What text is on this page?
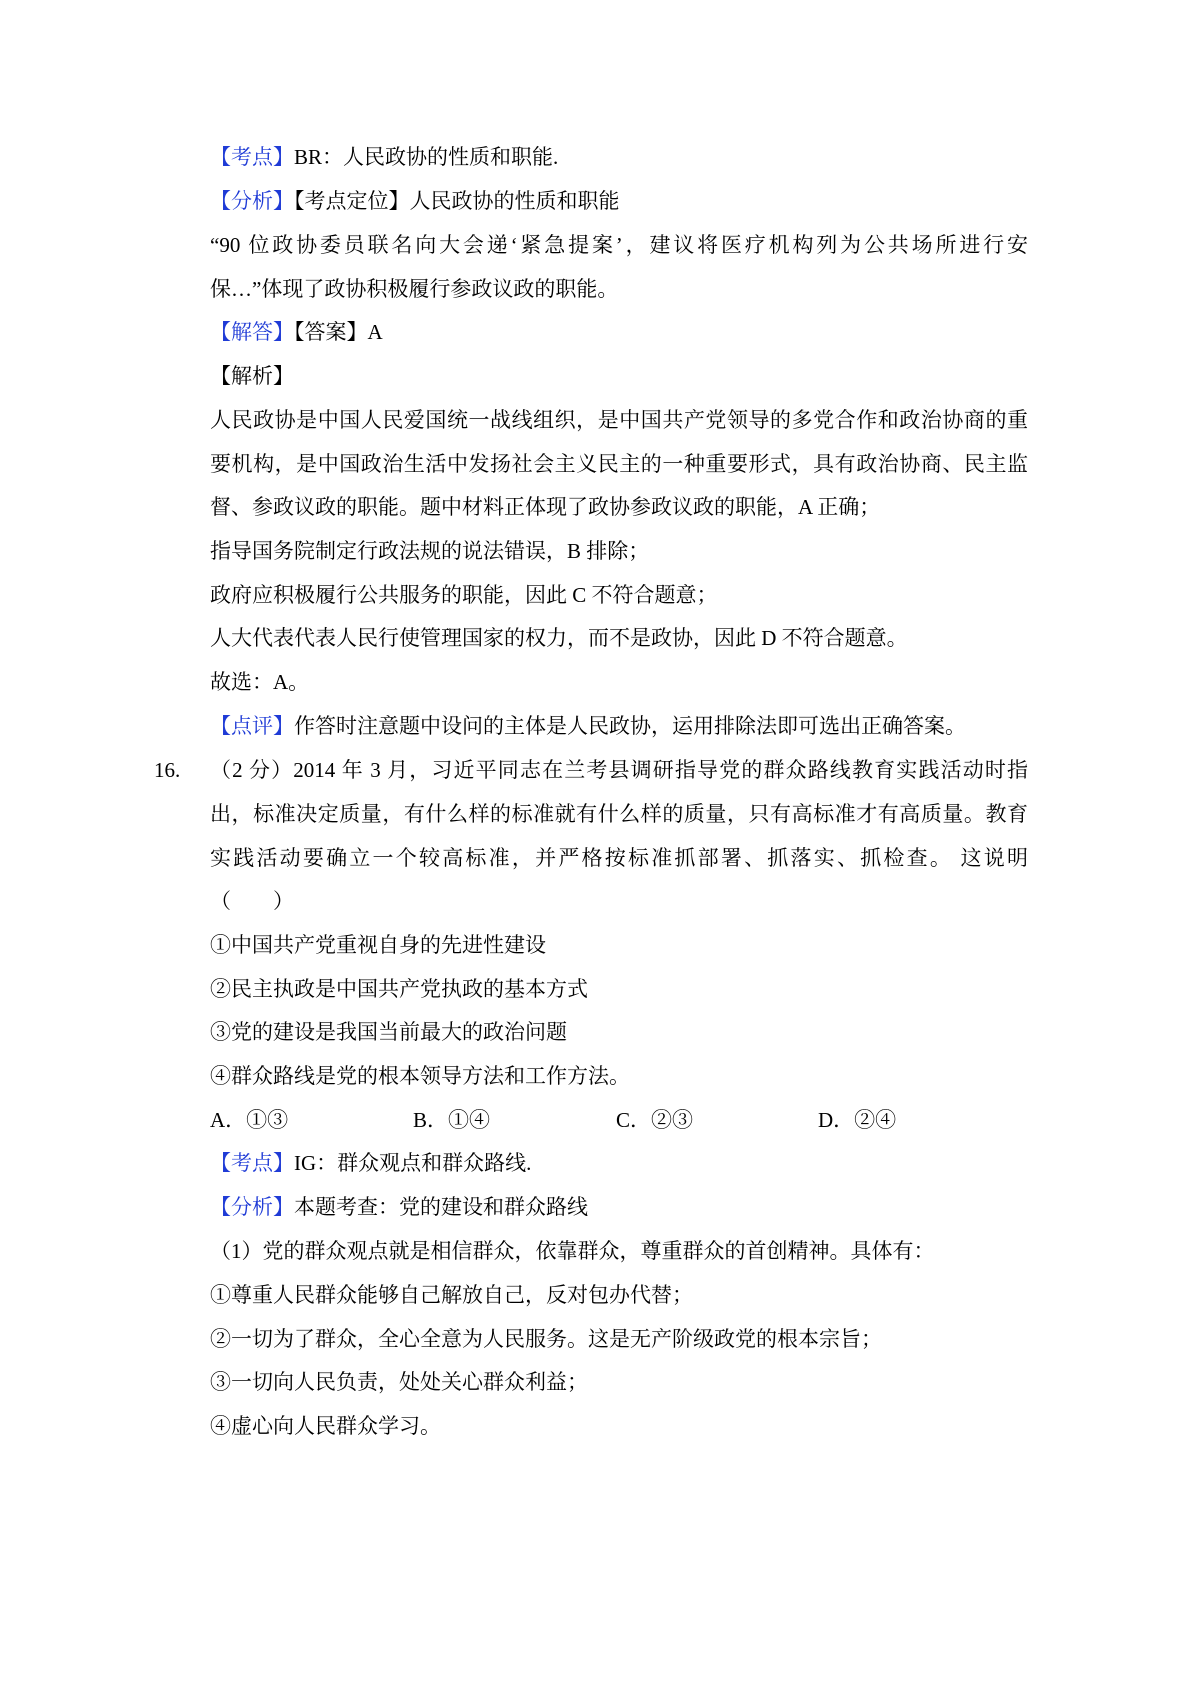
【考点】BR：人民政协的性质和职能.
【分析】【考点定位】人民政协的性质和职能
“90 位政协委员联名向大会递‘紧急提案’，建议将医疗机构列为公共场所进行安
保…”体现了政协积极履行参政议政的职能。
【解答】【答案】A
【解析】
人民政协是中国人民爱国统一战线组织，是中国共产党领导的多党合作和政治协商的重
要机构，是中国政治生活中发扬社会主义民主的一种重要形式，具有政治协商、民主监
督、参政议政的职能。题中材料正体现了政协参政议政的职能，A 正确；
指导国务院制定行政法规的说法错误，B 排除；
政府应积极履行公共服务的职能，因此 C 不符合题意；
人大代表代表人民行使管理国家的权力，而不是政协，因此 D 不符合题意。
故选：A。
【点评】作答时注意题中设问的主体是人民政协，运用排除法即可选出正确答案。
16. （2 分）2014 年 3 月，习近平同志在兰考县调研指导党的群众路线教育实践活动时指
出，标准决定质量，有什么样的标准就有什么样的质量，只有高标准才有高质量。教育
实践活动要确立一个较高标准，并严格按标准抓部署、抓落实、抓检查。 这说明
（　　）
①中国共产党重视自身的先进性建设
②民主执政是中国共产党执政的基本方式
③党的建设是我国当前最大的政治问题
④群众路线是党的根本领导方法和工作方法。
A．①③	B．①④	C．②③	D．②④
【考点】IG：群众观点和群众路线.
【分析】本题考查：党的建设和群众路线
（1）党的群众观点就是相信群众，依靠群众，尊重群众的首创精神。具体有：
①尊重人民群众能够自己解放自己，反对包办代替；
②一切为了群众，全心全意为人民服务。这是无产阶级政党的根本宗旨；
③一切向人民负责，处处关心群众利益；
④虚心向人民群众学习。
